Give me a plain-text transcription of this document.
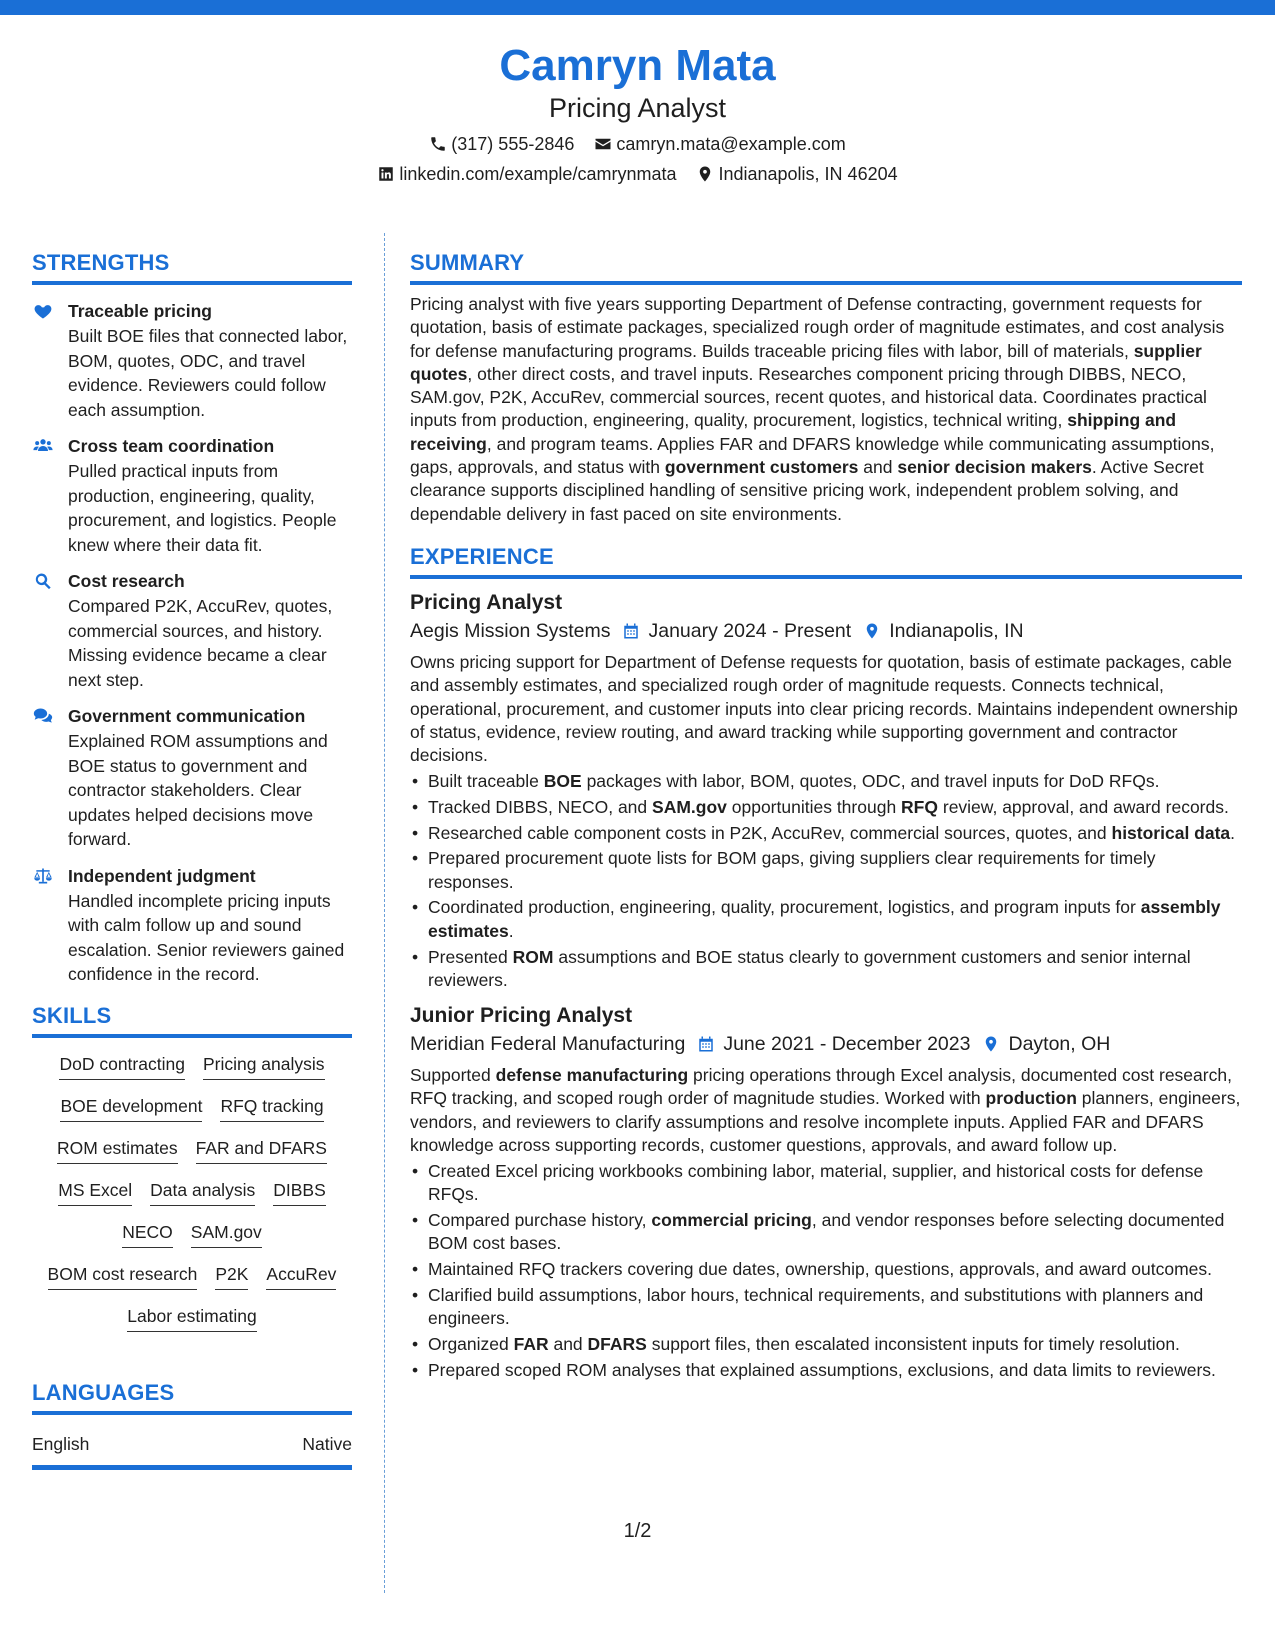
Camryn Mata
Pricing Analyst
(317) 555-2846 camryn.mata@example.com
linkedin.com/example/camrynmata Indianapolis, IN 46204
STRENGTHS
Traceable pricing
Built BOE files that connected labor, BOM, quotes, ODC, and travel evidence. Reviewers could follow each assumption.
Cross team coordination
Pulled practical inputs from production, engineering, quality, procurement, and logistics. People knew where their data fit.
Cost research
Compared P2K, AccuRev, quotes, commercial sources, and history. Missing evidence became a clear next step.
Government communication
Explained ROM assumptions and BOE status to government and contractor stakeholders. Clear updates helped decisions move forward.
Independent judgment
Handled incomplete pricing inputs with calm follow up and sound escalation. Senior reviewers gained confidence in the record.
SKILLS
DoD contracting Pricing analysis
BOE development RFQ tracking
ROM estimates FAR and DFARS
MS Excel Data analysis DIBBS
NECO SAM.gov
BOM cost research P2K AccuRev
Labor estimating
LANGUAGES
English	Native
SUMMARY

Pricing analyst with five years supporting Department of Defense contracting, government requests for quotation, basis of estimate packages, specialized rough order of magnitude estimates, and cost analysis for defense manufacturing programs. Builds traceable pricing files with labor, bill of materials, supplier quotes, other direct costs, and travel inputs. Researches component pricing through DIBBS, NECO, SAM.gov, P2K, AccuRev, commercial sources, recent quotes, and historical data. Coordinates practical inputs from production, engineering, quality, procurement, logistics, technical writing, shipping and receiving, and program teams. Applies FAR and DFARS knowledge while communicating assumptions, gaps, approvals, and status with government customers and senior decision makers. Active Secret clearance supports disciplined handling of sensitive pricing work, independent problem solving, and dependable delivery in fast paced on site environments.

EXPERIENCE
Pricing Analyst
Aegis Mission Systems January 2024 - Present Indianapolis, IN

Owns pricing support for Department of Defense requests for quotation, basis of estimate packages, cable and assembly estimates, and specialized rough order of magnitude requests. Connects technical, operational, procurement, and customer inputs into clear pricing records. Maintains independent ownership of status, evidence, review routing, and award tracking while supporting government and contractor decisions.

• Built traceable BOE packages with labor, BOM, quotes, ODC, and travel inputs for DoD RFQs.
• Tracked DIBBS, NECO, and SAM.gov opportunities through RFQ review, approval, and award records.
• Researched cable component costs in P2K, AccuRev, commercial sources, quotes, and historical data.
• Prepared procurement quote lists for BOM gaps, giving suppliers clear requirements for timely responses.
• Coordinated production, engineering, quality, procurement, logistics, and program inputs for assembly estimates.
• Presented ROM assumptions and BOE status clearly to government customers and senior internal reviewers.
Junior Pricing Analyst
Meridian Federal Manufacturing June 2021 - December 2023 Dayton, OH

Supported defense manufacturing pricing operations through Excel analysis, documented cost research, RFQ tracking, and scoped rough order of magnitude studies. Worked with production planners, engineers, vendors, and reviewers to clarify assumptions and resolve incomplete inputs. Applied FAR and DFARS knowledge across supporting records, customer questions, approvals, and award follow up.

• Created Excel pricing workbooks combining labor, material, supplier, and historical costs for defense RFQs.
• Compared purchase history, commercial pricing, and vendor responses before selecting documented BOM cost bases.
• Maintained RFQ trackers covering due dates, ownership, questions, approvals, and award outcomes.
• Clarified build assumptions, labor hours, technical requirements, and substitutions with planners and engineers.
• Organized FAR and DFARS support files, then escalated inconsistent inputs for timely resolution.
• Prepared scoped ROM analyses that explained assumptions, exclusions, and data limits to reviewers.
1/2
